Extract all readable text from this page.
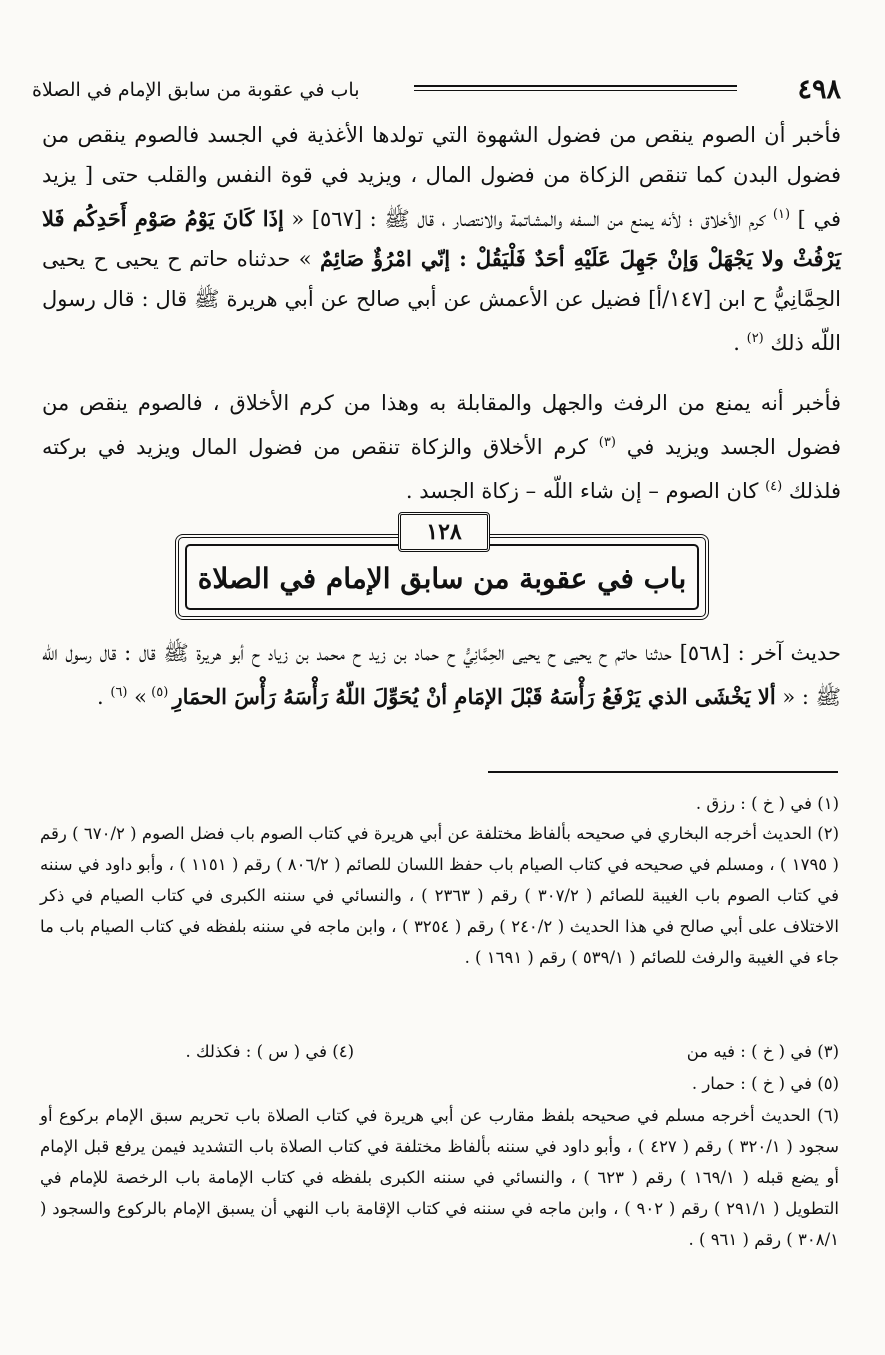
٤٩٨
باب في عقوبة من سابق الإمام في الصلاة

فأخبر أن الصوم ينقص من فضول الشهوة التي تولدها الأغذية في الجسد فالصوم ينقص من فضول البدن كما تنقص الزكاة من فضول المال ، ويزيد في قوة النفس والقلب حتى [ يزيد في ] $^{(١)}$ كرم الأخلاق ؛ لأنه يمنع من السفه والمشاتمة والانتصار ، قال ﷺ : [٥٦٧] « إذَا كَانَ يَوْمُ صَوْمِ أَحَدِكُم فَلا يَرْفُثْ ولا يَجْهَلْ وَإنْ جَهِلَ عَلَيْهِ أحَدٌ فَلْيَقُلْ : إنّي امْرُؤٌ صَائِمٌ » حدثناه حاتم ح يحيى ح يحيى الحِمَّانِيُّ ح ابن [١٤٧/أ] فضيل عن الأعمش عن أبي صالح عن أبي هريرة ﷺ قال : قال رسول اللّه ذلك $^{(٢)}$ .

فأخبر أنه يمنع من الرفث والجهل والمقابلة به وهذا من كرم الأخلاق ، فالصوم ينقص من فضول الجسد ويزيد في $^{(٣)}$ كرم الأخلاق والزكاة تنقص من فضول المال ويزيد في بركته فلذلك $^{(٤)}$ كان الصوم – إن شاء اللّه – زكاة الجسد .

١٢٨
باب في عقوبة من سابق الإمام في الصلاة

حديث آخر : [٥٦٨] حدثنا حاتم ح يحيى ح يحيى الحِمَّانِيُّ ح حماد بن زيد ح محمد بن زياد ح أبو هريرة ﷺ قال : قال رسول اللّه ﷺ : « ألا يَخْشَى الذي يَرْفَعُ رَأْسَهُ قَبْلَ الإمَامِ أنْ يُحَوِّلَ اللّهُ رَأْسَهُ رَأْسَ الحمَارِ $^{(٥)}$ » $^{(٦)}$ .

(١) في ( خ ) : رزق .
(٢) الحديث أخرجه البخاري في صحيحه بألفاظ مختلفة عن أبي هريرة في كتاب الصوم باب فضل الصوم ( ٦٧٠/٢ ) رقم ( ١٧٩٥ ) ، ومسلم في صحيحه في كتاب الصيام باب حفظ اللسان للصائم ( ٨٠٦/٢ ) رقم ( ١١٥١ ) ، وأبو داود في سننه في كتاب الصوم باب الغيبة للصائم ( ٣٠٧/٢ ) رقم ( ٢٣٦٣ ) ، والنسائي في سننه الكبرى في كتاب الصيام في ذكر الاختلاف على أبي صالح في هذا الحديث ( ٢٤٠/٢ ) رقم ( ٣٢٥٤ ) ، وابن ماجه في سننه بلفظه في كتاب الصيام باب ما جاء في الغيبة والرفث للصائم ( ٥٣٩/١ ) رقم ( ١٦٩١ ) .
(٣) في ( خ ) : فيه من
(٤) في ( س ) : فكذلك .
(٥) في ( خ ) : حمار .
(٦) الحديث أخرجه مسلم في صحيحه بلفظ مقارب عن أبي هريرة في كتاب الصلاة باب تحريم سبق الإمام بركوع أو سجود ( ٣٢٠/١ ) رقم ( ٤٢٧ ) ، وأبو داود في سننه بألفاظ مختلفة في كتاب الصلاة باب التشديد فيمن يرفع قبل الإمام أو يضع قبله ( ١٦٩/١ ) رقم ( ٦٢٣ ) ، والنسائي في سننه الكبرى بلفظه في كتاب الإمامة باب الرخصة للإمام في التطويل ( ٢٩١/١ ) رقم ( ٩٠٢ ) ، وابن ماجه في سننه في كتاب الإقامة باب النهي أن يسبق الإمام بالركوع والسجود ( ٣٠٨/١ ) رقم ( ٩٦١ ) .
